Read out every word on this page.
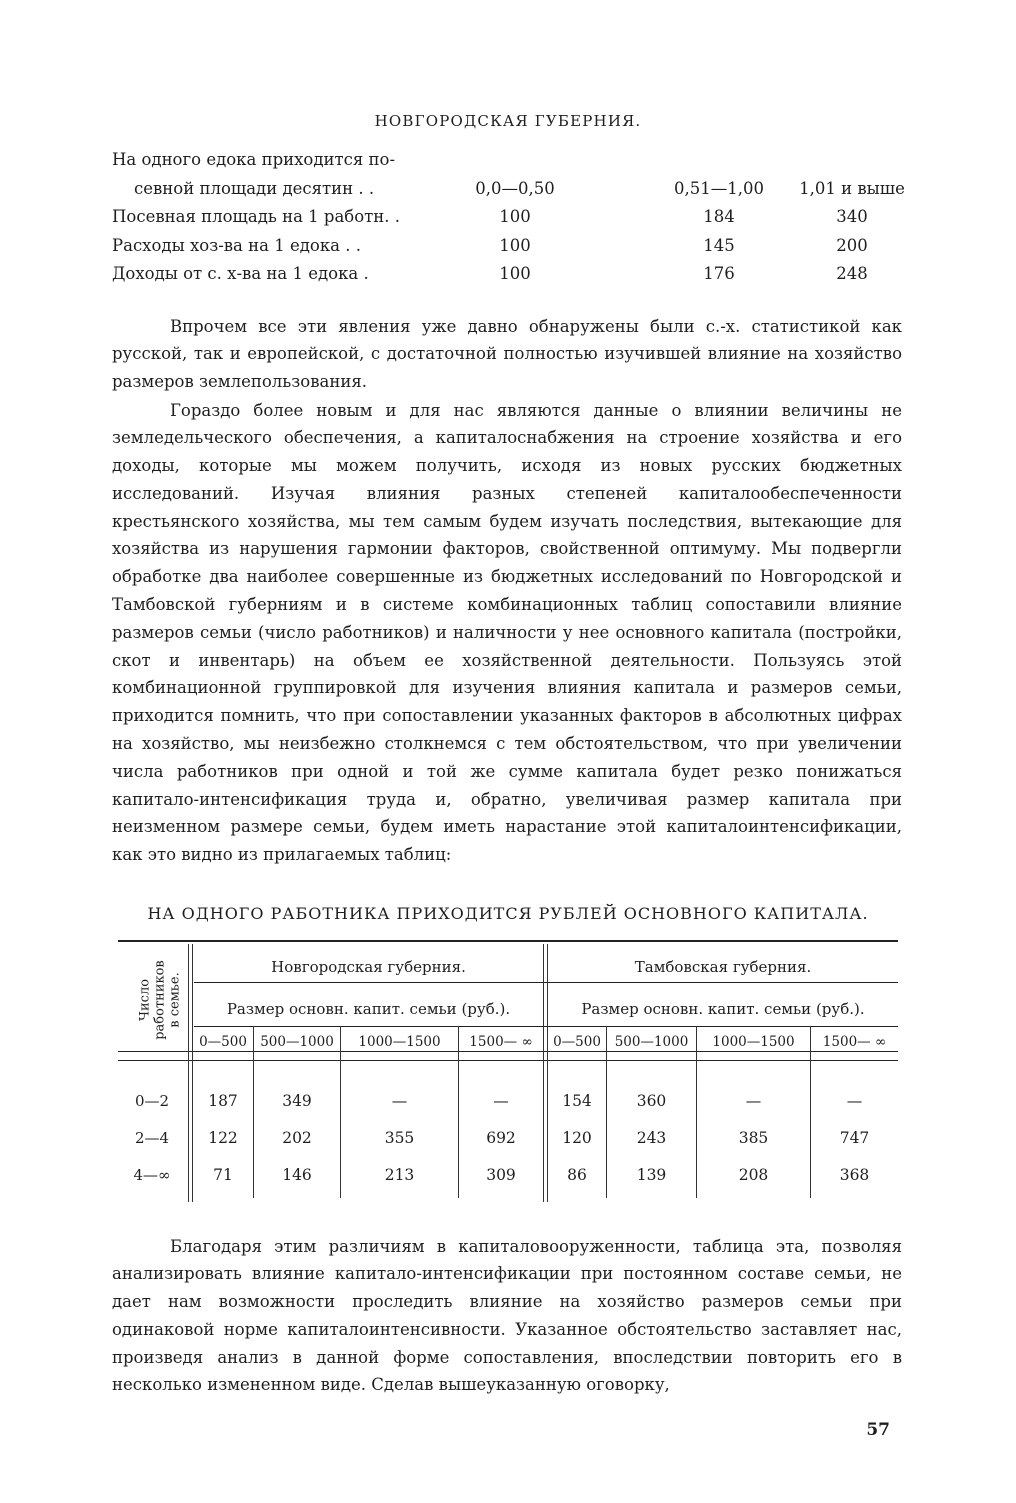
НОВГОРОДСКАЯ ГУБЕРНИЯ.
На одного едока приходится по-
севной площади десятин . .	0,0—0,50	0,51—1,00	1,01 и выше
Посевная площадь на 1 работн. .	100	184	340
Расходы хоз-ва на 1 едока . .	100	145	200
Доходы от с. х-ва на 1 едока .	100	176	248

Впрочем все эти явления уже давно обнаружены были с.-х. статистикой как русской, так и европейской, с достаточной полностью изучившей влияние на хозяйство размеров землепользования.

Гораздо более новым и для нас являются данные о влиянии величины не земледельческого обеспечения, а капиталоснабжения на строение хозяйства и его доходы, которые мы можем получить, исходя из новых русских бюджетных исследований. Изучая влияния разных степеней капиталообеспеченности крестьянского хозяйства, мы тем самым будем изучать последствия, вытекающие для хозяйства из нарушения гармонии факторов, свойственной оптимуму. Мы подвергли обработке два наиболее совершенные из бюджетных исследований по Новгородской и Тамбовской губерниям и в системе комбинационных таблиц сопоставили влияние размеров семьи (число работников) и наличности у нее основного капитала (постройки, скот и инвентарь) на объем ее хозяйственной деятельности. Пользуясь этой комбинационной группировкой для изучения влияния капитала и размеров семьи, приходится помнить, что при сопоставлении указанных факторов в абсолютных цифрах на хозяйство, мы неизбежно столкнемся с тем обстоятельством, что при увеличении числа работников при одной и той же сумме капитала будет резко понижаться капитало-интенсификация труда и, обратно, увеличивая размер капитала при неизменном размере семьи, будем иметь нарастание этой капиталоинтенсификации, как это видно из прилагаемых таблиц:

НА ОДНОГО РАБОТНИКА ПРИХОДИТСЯ РУБЛЕЙ ОСНОВНОГО КАПИТАЛА.
Число работников в семье.
Новгородская губерния.	Тамбовская губерния.
Размер основн. капит. семьи (руб.).	Размер основн. капит. семьи (руб.).
0—500 500—1000	1000—1500	1500— ∞	0—500	500—1000	1000—1500	1500— ∞
0—2	187	349	—	—	154	360	—	—
2—4	122	202	355	692	120	243	385	747
4—∞	71	146	213	309	86	139	208	368

Благодаря этим различиям в капиталовооруженности, таблица эта, позволяя анализировать влияние капитало-интенсификации при постоянном составе семьи, не дает нам возможности проследить влияние на хозяйство размеров семьи при одинаковой норме капиталоинтенсивности. Указанное обстоятельство заставляет нас, произведя анализ в данной форме сопоставления, впоследствии повторить его в несколько измененном виде. Сделав вышеуказанную оговорку,

57
